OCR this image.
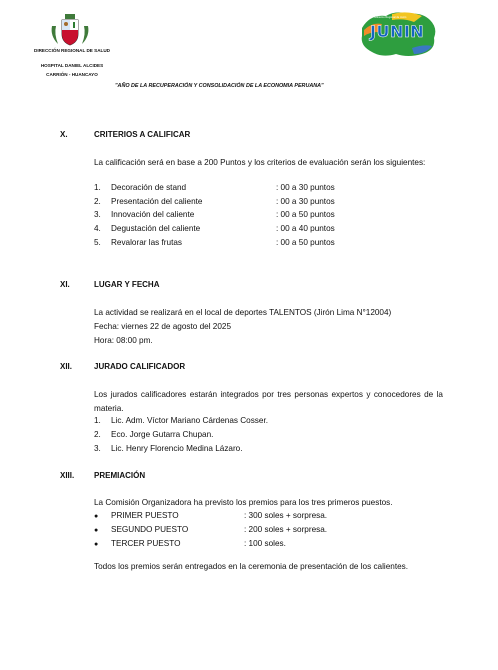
DIRECCIÓN REGIONAL DE SALUD
HOSPITAL DANIEL ALCIDES
CARRIÓN - HUANCAYO
JUNIN
Gobierno Regional de Junín
"AÑO DE LA RECUPERACIÓN Y CONSOLIDACIÓN DE LA ECONOMIA PERUANA"
X.	CRITERIOS A CALIFICAR
La calificación será en base a 200 Puntos y los criterios de evaluación serán los siguientes:
1. Decoración de stand	: 00 a 30 puntos
2. Presentación del caliente	: 00 a 30 puntos
3. Innovación del caliente	: 00 a 50 puntos
4. Degustación del caliente	: 00 a 40 puntos
5. Revalorar las frutas	: 00 a 50 puntos
XI.	LUGAR Y FECHA
La actividad se realizará en el local de deportes TALENTOS (Jirón Lima N°12004)
Fecha: viernes 22 de agosto del 2025
Hora: 08:00 pm.
XII.	JURADO CALIFICADOR
Los jurados calificadores estarán integrados por tres personas expertos y conocedores de la materia.
1. Lic. Adm. Víctor Mariano Cárdenas Cosser.
2. Eco. Jorge Gutarra Chupan.
3. Lic. Henry Florencio Medina Lázaro.
XIII. PREMIACIÓN
La Comisión Organizadora ha previsto los premios para los tres primeros puestos.
● PRIMER PUESTO	: 300 soles + sorpresa.
● SEGUNDO PUESTO	: 200 soles + sorpresa.
● TERCER PUESTO	: 100 soles.
Todos los premios serán entregados en la ceremonia de presentación de los calientes.
